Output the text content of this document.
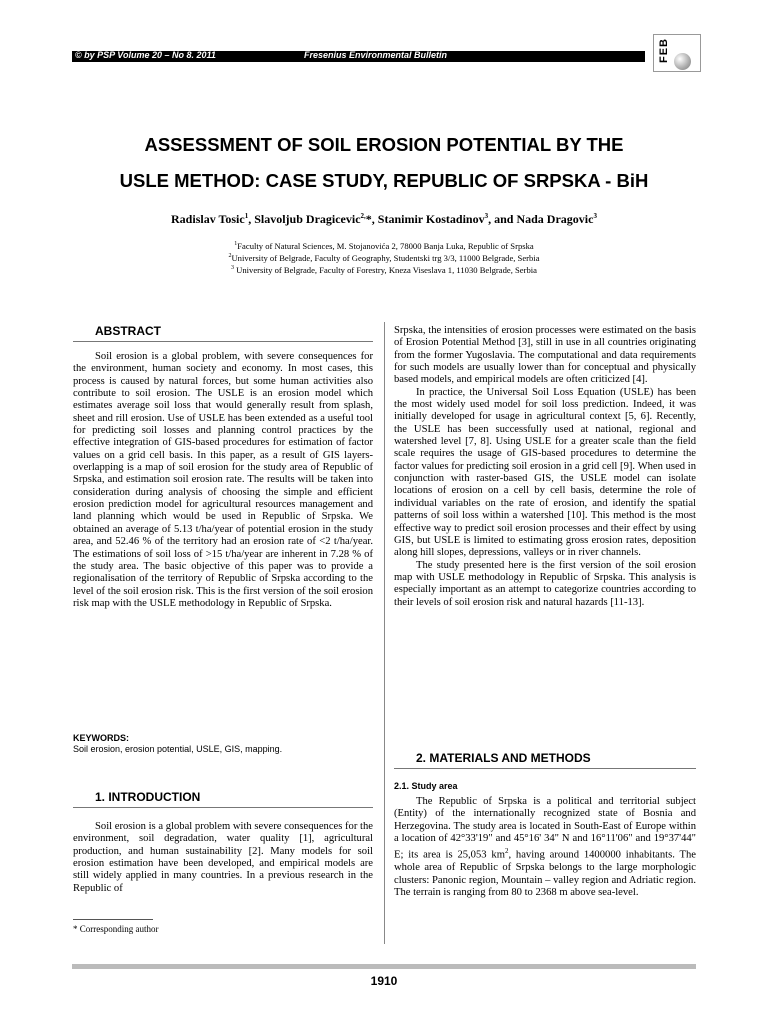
© by PSP Volume 20 – No 8. 2011	Fresenius Environmental Bulletin	FEB
ASSESSMENT OF SOIL EROSION POTENTIAL BY THE
USLE METHOD: CASE STUDY, REPUBLIC OF SRPSKA - BiH
Radislav Tosic$^1$, Slavoljub Dragicevic$^{2,}$*, Stanimir Kostadinov$^3$, and Nada Dragovic$^3$
$^1$Faculty of Natural Sciences, M. Stojanovića 2, 78000 Banja Luka, Republic of Srpska
$^2$University of Belgrade, Faculty of Geography, Studentski trg 3/3, 11000 Belgrade, Serbia
$^3$ University of Belgrade, Faculty of Forestry, Kneza Viseslava 1, 11030 Belgrade, Serbia
ABSTRACT

Soil erosion is a global problem, with severe consequences for the environment, human society and economy. In most cases, this process is caused by natural forces, but some human activities also contribute to soil erosion. The USLE is an erosion model which estimates average soil loss that would generally result from splash, sheet and rill erosion. Use of USLE has been extended as a useful tool for predicting soil losses and planning control practices by the effective integration of GIS-based procedures for estimation of factor values on a grid cell basis. In this paper, as a result of GIS layers-overlapping is a map of soil erosion for the study area of Republic of Srpska, and estimation soil erosion rate. The results will be taken into consideration during analysis of choosing the simple and efficient erosion prediction model for agricultural resources management and land planning which would be used in Republic of Srpska. We obtained an average of 5.13 t/ha/year of potential erosion in the study area, and 52.46 % of the territory had an erosion rate of <2 t/ha/year. The estimations of soil loss of >15 t/ha/year are inherent in 7.28 % of the study area. The basic objective of this paper was to provide a regionalisation of the territory of Republic of Srpska according to the level of the soil erosion risk. This is the first version of the soil erosion risk map with the USLE methodology in Republic of Srpska.

KEYWORDS:
Soil erosion, erosion potential, USLE, GIS, mapping.
1. INTRODUCTION

Soil erosion is a global problem with severe consequences for the environment, soil degradation, water quality [1], agricultural production, and human sustainability [2]. Many models for soil erosion estimation have been developed, and empirical models are still widely applied in many countries. In a previous research in the Republic of

* Corresponding author

Srpska, the intensities of erosion processes were estimated on the basis of Erosion Potential Method [3], still in use in all countries originating from the former Yugoslavia. The computational and data requirements for such models are usually lower than for conceptual and physically based models, and empirical models are often criticized [4].

In practice, the Universal Soil Loss Equation (USLE) has been the most widely used model for soil loss prediction. Indeed, it was initially developed for usage in agricultural context [5, 6]. Recently, the USLE has been successfully used at national, regional and watershed level [7, 8]. Using USLE for a greater scale than the field scale requires the usage of GIS-based procedures to determine the factor values for predicting soil erosion in a grid cell [9]. When used in conjunction with raster-based GIS, the USLE model can isolate locations of erosion on a cell by cell basis, determine the role of individual variables on the rate of erosion, and identify the spatial patterns of soil loss within a watershed [10]. This method is the most effective way to predict soil erosion processes and their effect by using GIS, but USLE is limited to estimating gross erosion rates, deposition along hill slopes, depressions, valleys or in river channels.

The study presented here is the first version of the soil erosion map with USLE methodology in Republic of Srpska. This analysis is especially important as an attempt to categorize countries according to their levels of soil erosion risk and natural hazards [11-13].

2. MATERIALS AND METHODS
2.1. Study area

The Republic of Srpska is a political and territorial subject (Entity) of the internationally recognized state of Bosnia and Herzegovina. The study area is located in South-East of Europe within a location of 42°33'19" and 45°16' 34" N and 16°11'06" and 19°37'44" E; its area is 25,053 $km^2$, having around 1400000 inhabitants. The whole area of Republic of Srpska belongs to the large morphologic clusters: Panonic region, Mountain – valley region and Adriatic region. The terrain is ranging from 80 to 2368 m above sea-level.

1910
